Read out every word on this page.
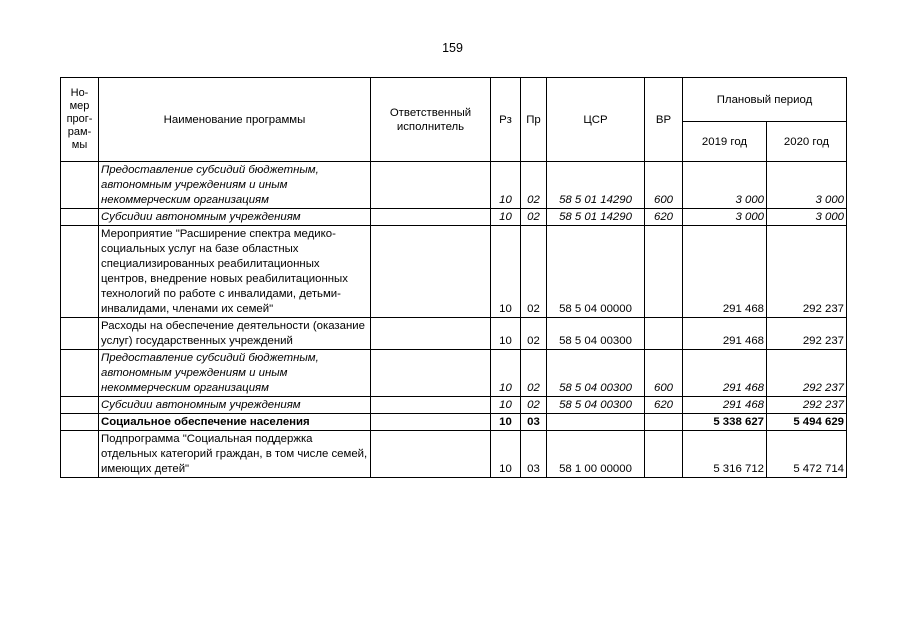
159
Но-
мер
прог-
рам-
мы	Наименование программы	Ответственный исполнитель	Рз	Пр	ЦСР	ВР	Плановый период	
							2019 год	2020 год
	Предоставление субсидий бюджетным, автономным учреждениям и иным некоммерческим организациям		10	02	58 5 01 14290	600	3 000	3 000
	Субсидии автономным учреждениям		10	02	58 5 01 14290	620	3 000	3 000
	Мероприятие "Расширение спектра медико-социальных услуг на базе областных специализированных реабилитационных центров, внедрение новых реабилитационных технологий по работе с инвалидами, детьми-инвалидами, членами их семей"		10	02	58 5 04 00000		291 468	292 237
	Расходы на обеспечение деятельности (оказание услуг) государственных учреждений		10	02	58 5 04 00300		291 468	292 237
	Предоставление субсидий бюджетным, автономным учреждениям и иным некоммерческим организациям		10	02	58 5 04 00300	600	291 468	292 237
	Субсидии автономным учреждениям		10	02	58 5 04 00300	620	291 468	292 237
	Социальное обеспечение населения		10	03			5 338 627	5 494 629
	Подпрограмма "Социальная поддержка отдельных категорий граждан, в том числе семей, имеющих детей"		10	03	58 1 00 00000		5 316 712	5 472 714
